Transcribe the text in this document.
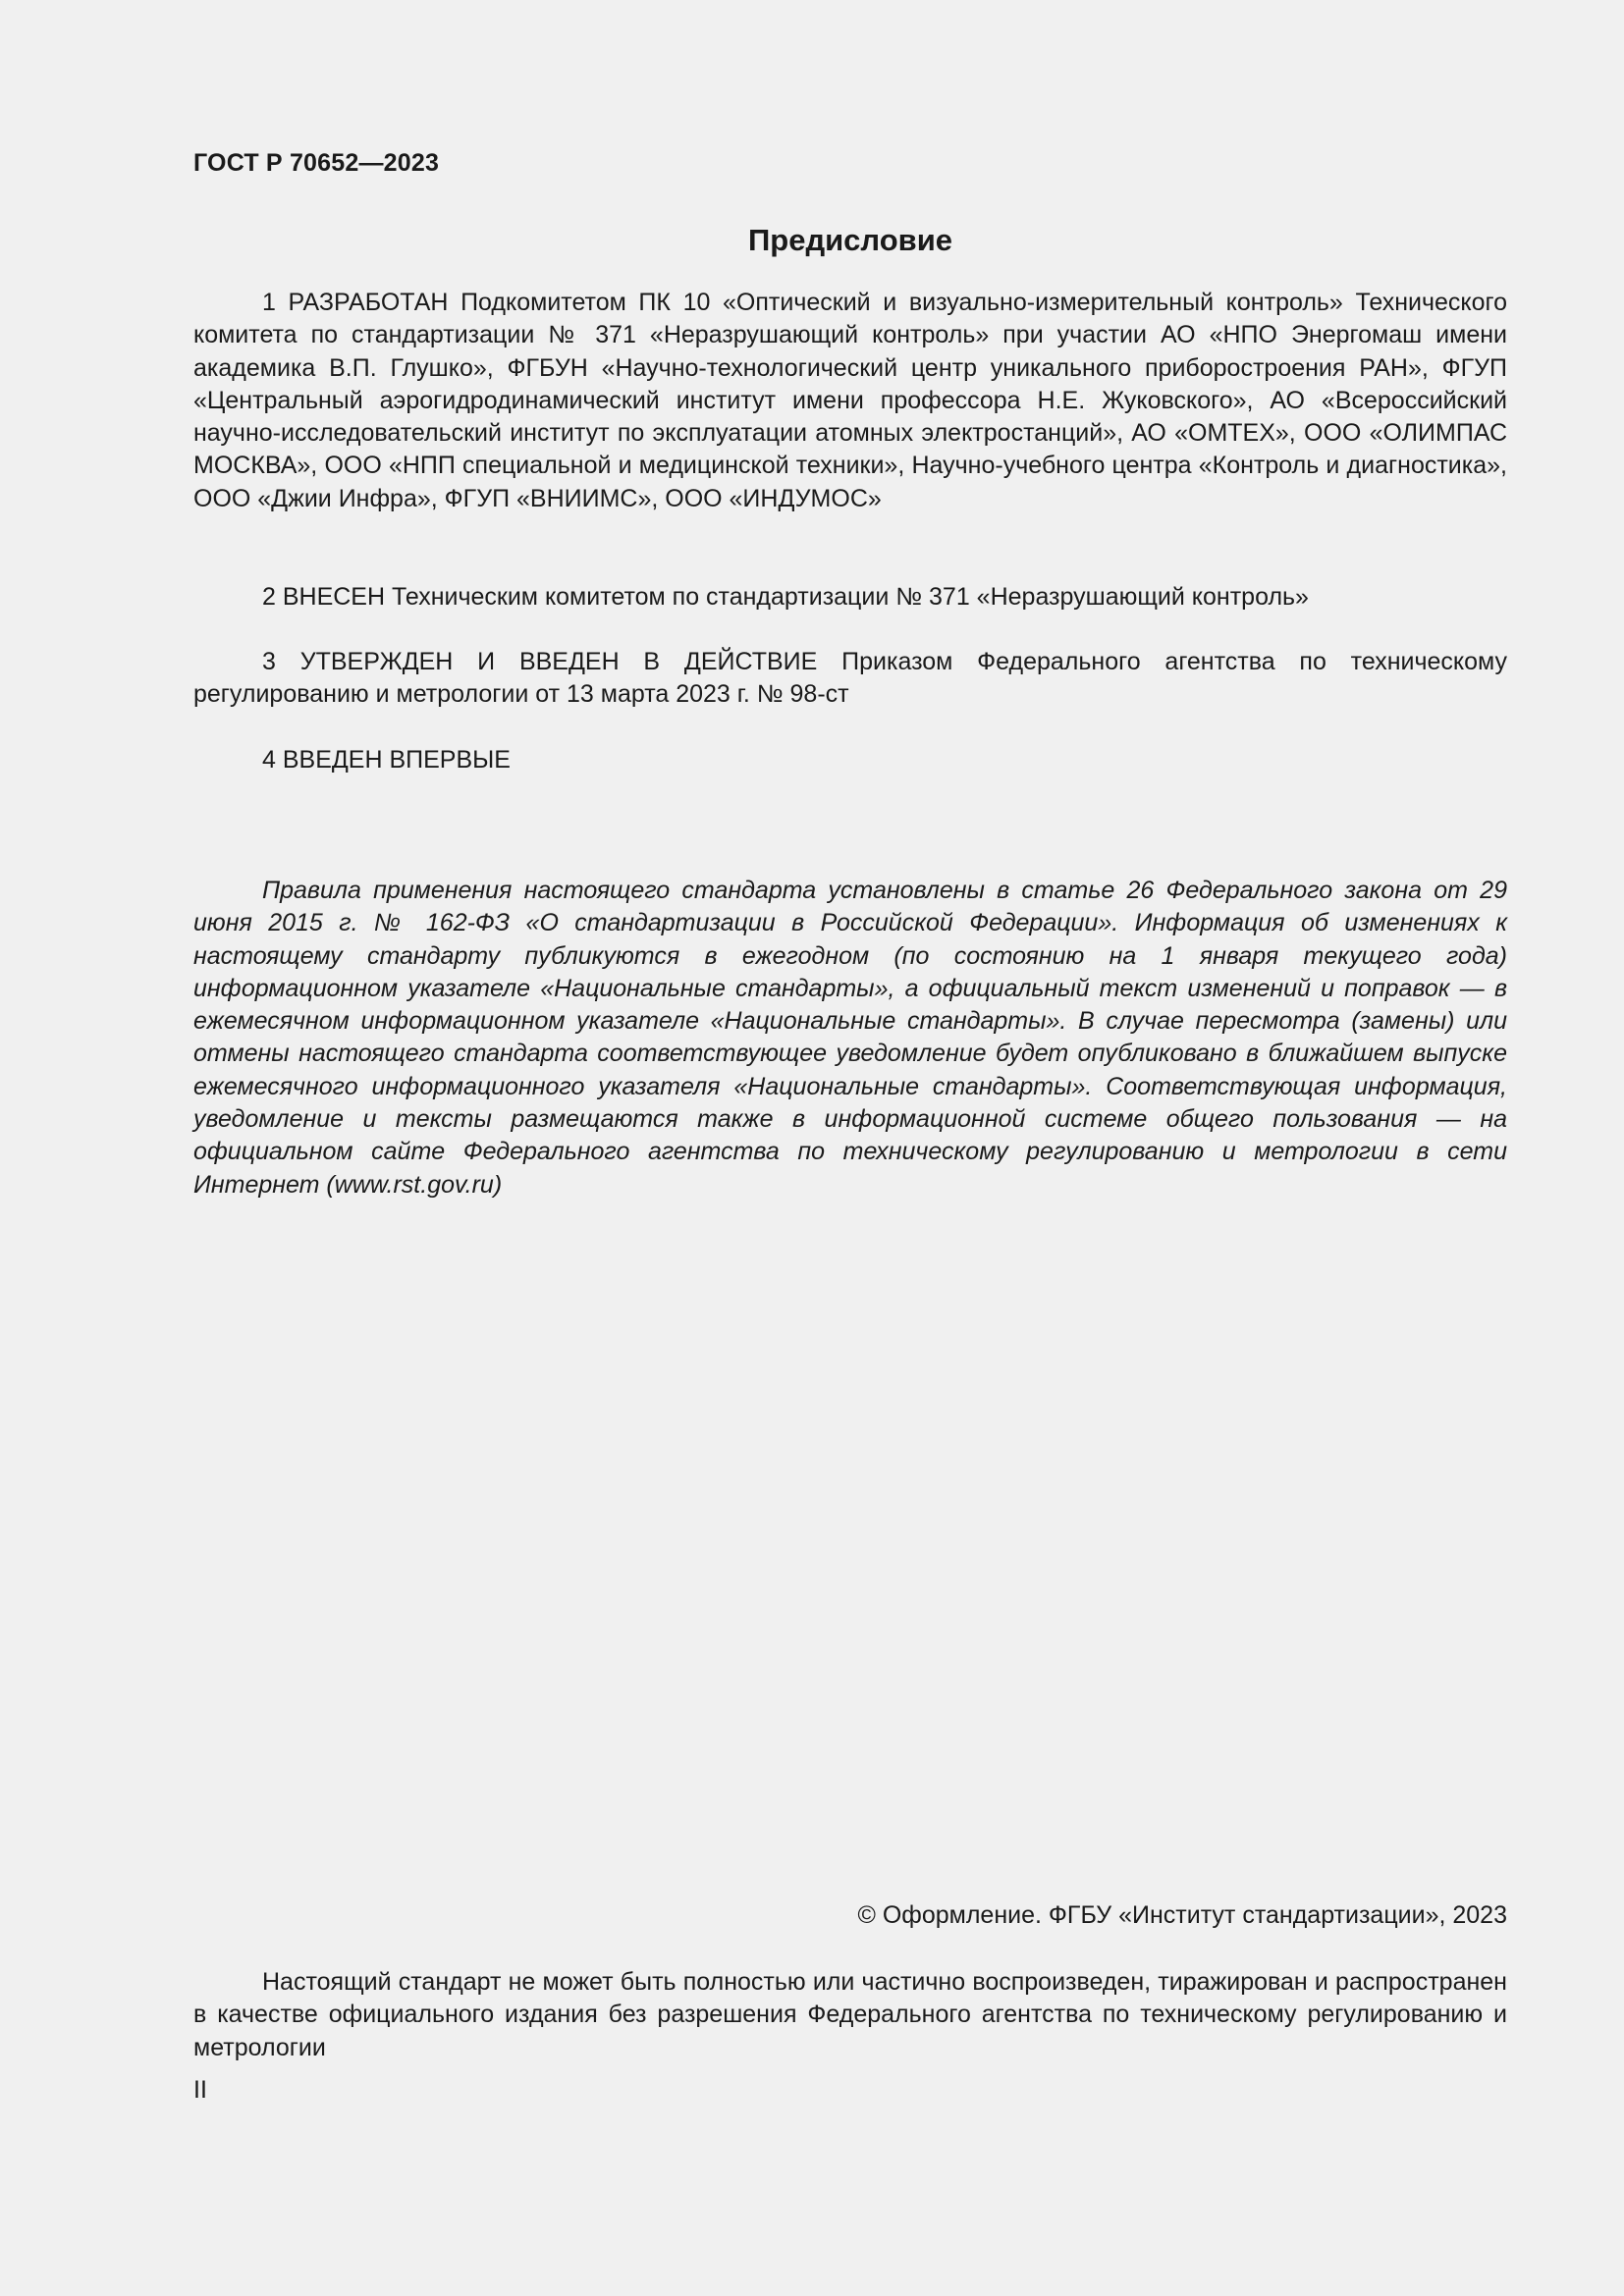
ГОСТ Р 70652—2023
Предисловие

1 РАЗРАБОТАН Подкомитетом ПК 10 «Оптический и визуально-измерительный контроль» Технического комитета по стандартизации № 371 «Неразрушающий контроль» при участии АО «НПО Энергомаш имени академика В.П. Глушко», ФГБУН «Научно-технологический центр уникального приборостроения РАН», ФГУП «Центральный аэрогидродинамический институт имени профессора Н.Е. Жуковского», АО «Всероссийский научно-исследовательский институт по эксплуатации атомных электростанций», АО «ОМТЕХ», ООО «ОЛИМПАС МОСКВА», ООО «НПП специальной и медицинской техники», Научно-учебного центра «Контроль и диагностика», ООО «Джии Инфра», ФГУП «ВНИИМС», ООО «ИНДУМОС»

2 ВНЕСЕН Техническим комитетом по стандартизации № 371 «Неразрушающий контроль»

3 УТВЕРЖДЕН И ВВЕДЕН В ДЕЙСТВИЕ Приказом Федерального агентства по техническому регулированию и метрологии от 13 марта 2023 г. № 98-ст

4 ВВЕДЕН ВПЕРВЫЕ

Правила применения настоящего стандарта установлены в статье 26 Федерального закона от 29 июня 2015 г. № 162-ФЗ «О стандартизации в Российской Федерации». Информация об изменениях к настоящему стандарту публикуются в ежегодном (по состоянию на 1 января текущего года) информационном указателе «Национальные стандарты», а официальный текст изменений и поправок — в ежемесячном информационном указателе «Национальные стандарты». В случае пересмотра (замены) или отмены настоящего стандарта соответствующее уведомление будет опубликовано в ближайшем выпуске ежемесячного информационного указателя «Национальные стандарты». Соответствующая информация, уведомление и тексты размещаются также в информационной системе общего пользования — на официальном сайте Федерального агентства по техническому регулированию и метрологии в сети Интернет (www.rst.gov.ru)

© Оформление. ФГБУ «Институт стандартизации», 2023

Настоящий стандарт не может быть полностью или частично воспроизведен, тиражирован и распространен в качестве официального издания без разрешения Федерального агентства по техническому регулированию и метрологии

II
